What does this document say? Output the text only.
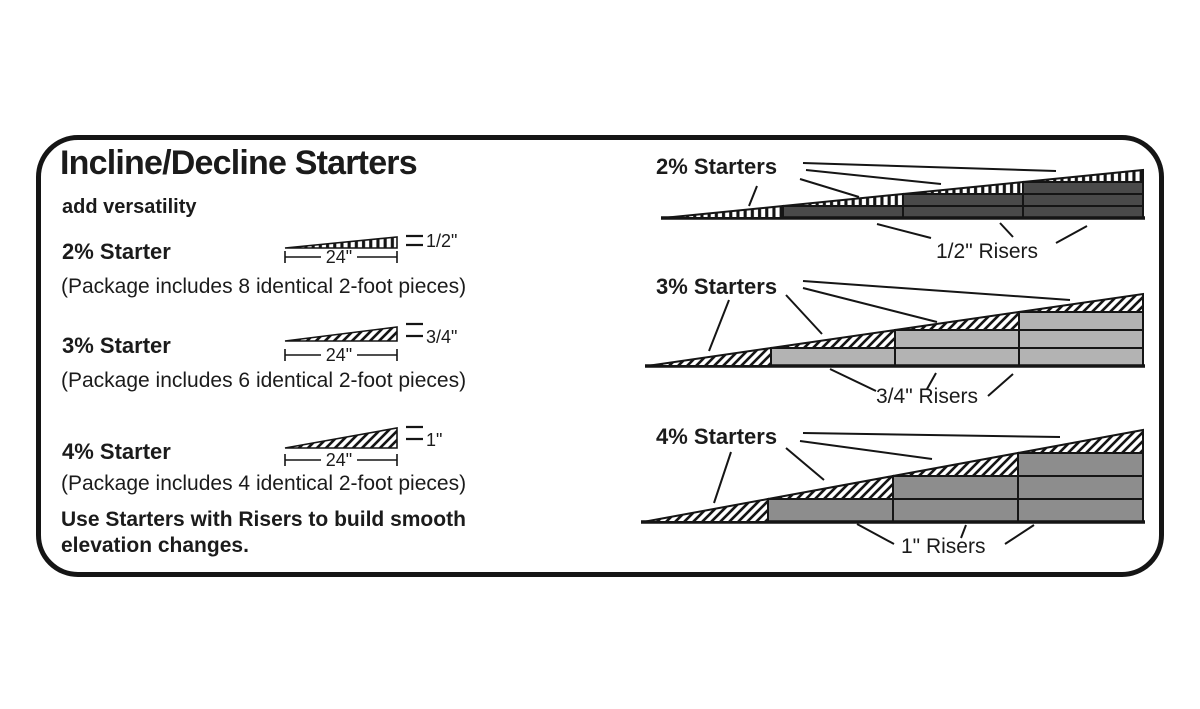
Incline/Decline Starters
add versatility
2% Starter
(Package includes 8 identical 2-foot pieces)
24"
1/2"
3% Starter
(Package includes 6 identical 2-foot pieces)
24"
3/4"
4% Starter
(Package includes 4 identical 2-foot pieces)
24"
1"
Use Starters with Risers to build smooth elevation changes.
2% Starters
1/2" Risers
3% Starters
3/4" Risers
4% Starters
1" Risers
